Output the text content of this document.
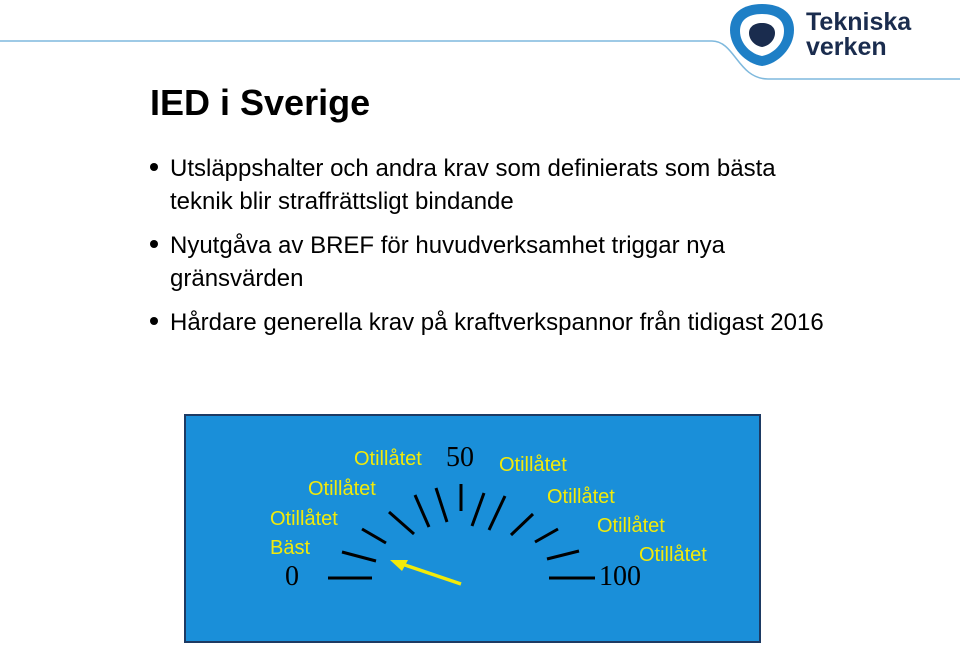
Tekniska
verken
IED i Sverige
Utsläppshalter och andra krav som definierats som bästa teknik blir straffrättsligt bindande
Nyutgåva av BREF för huvudverksamhet triggar nya gränsvärden
Hårdare generella krav på kraftverkspannor från tidigast 2016
0
50
100
Bäst
Otillåtet
Otillåtet
Otillåtet	Otillåtet
Otillåtet
Otillåtet
Otillåtet
